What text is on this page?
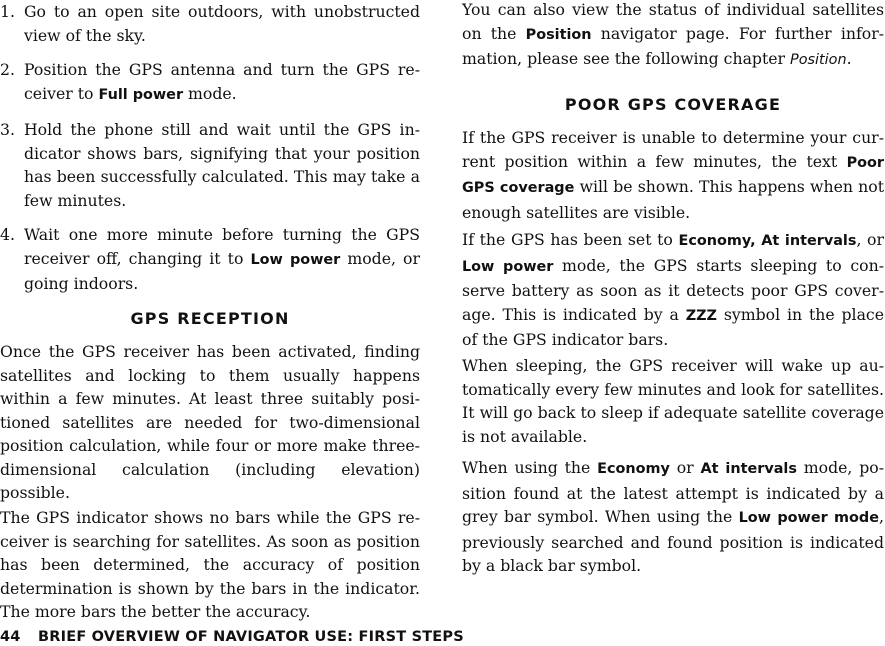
1. Go to an open site outdoors, with unobstructed view of the sky.
2. Position the GPS antenna and turn the GPS receiver to Full power mode.
3. Hold the phone still and wait until the GPS indicator shows bars, signifying that your position has been successfully calculated. This may take a few minutes.
4. Wait one more minute before turning the GPS receiver off, changing it to Low power mode, or going indoors.
GPS RECEPTION

Once the GPS receiver has been activated, finding satellites and locking to them usually happens within a few minutes. At least three suitably positioned satellites are needed for two-dimensional position calculation, while four or more make three-dimensional calculation (including elevation) possible.

The GPS indicator shows no bars while the GPS receiver is searching for satellites. As soon as position has been determined, the accuracy of position determination is shown by the bars in the indicator. The more bars the better the accuracy.

You can also view the status of individual satellites on the Position navigator page. For further information, please see the following chapter Position.

POOR GPS COVERAGE

If the GPS receiver is unable to determine your current position within a few minutes, the text Poor GPS coverage will be shown. This happens when not enough satellites are visible.

If the GPS has been set to Economy, At intervals, or Low power mode, the GPS starts sleeping to conserve battery as soon as it detects poor GPS coverage. This is indicated by a ZZZ symbol in the place of the GPS indicator bars.

When sleeping, the GPS receiver will wake up automatically every few minutes and look for satellites. It will go back to sleep if adequate satellite coverage is not available.

When using the Economy or At intervals mode, position found at the latest attempt is indicated by a grey bar symbol. When using the Low power mode, previously searched and found position is indicated by a black bar symbol.

44 BRIEF OVERVIEW OF NAVIGATOR USE: FIRST STEPS
